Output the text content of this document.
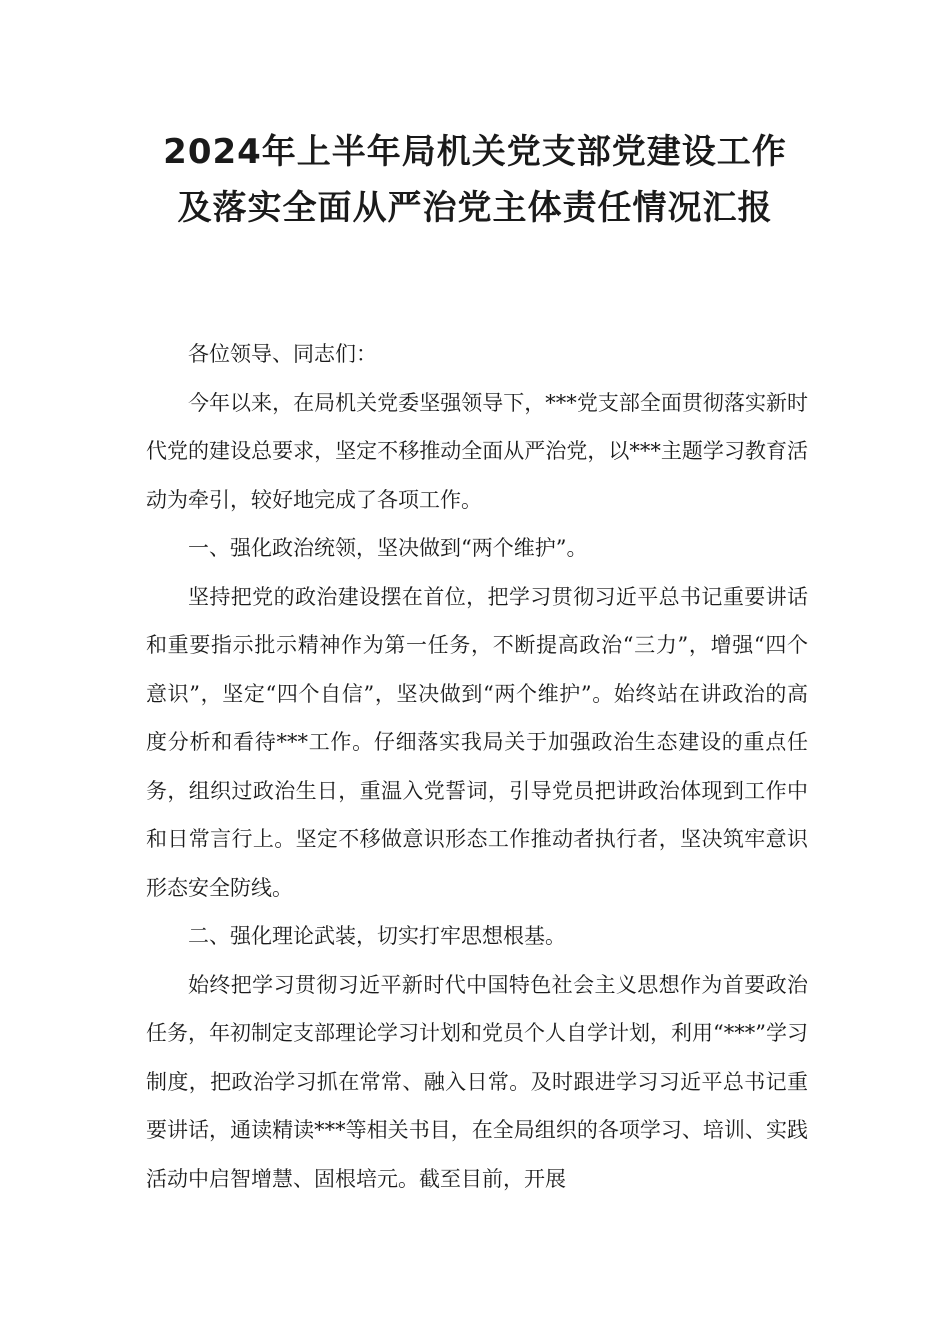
2024年上半年局机关党支部党建设工作
及落实全面从严治党主体责任情况汇报

各位领导、同志们：

今年以来，在局机关党委坚强领导下，***党支部全面贯彻落实新时代党的建设总要求，坚定不移推动全面从严治党，以***主题学习教育活动为牵引，较好地完成了各项工作。

一、强化政治统领，坚决做到“两个维护”。

坚持把党的政治建设摆在首位，把学习贯彻习近平总书记重要讲话和重要指示批示精神作为第一任务，不断提高政治“三力”，增强“四个意识”，坚定“四个自信”，坚决做到“两个维护”。始终站在讲政治的高度分析和看待***工作。仔细落实我局关于加强政治生态建设的重点任务，组织过政治生日，重温入党誓词，引导党员把讲政治体现到工作中和日常言行上。坚定不移做意识形态工作推动者执行者，坚决筑牢意识形态安全防线。

二、强化理论武装，切实打牢思想根基。

始终把学习贯彻习近平新时代中国特色社会主义思想作为首要政治任务，年初制定支部理论学习计划和党员个人自学计划，利用“***”学习制度，把政治学习抓在常常、融入日常。及时跟进学习习近平总书记重要讲话，通读精读***等相关书目，在全局组织的各项学习、培训、实践活动中启智增慧、固根培元。截至目前，开展
